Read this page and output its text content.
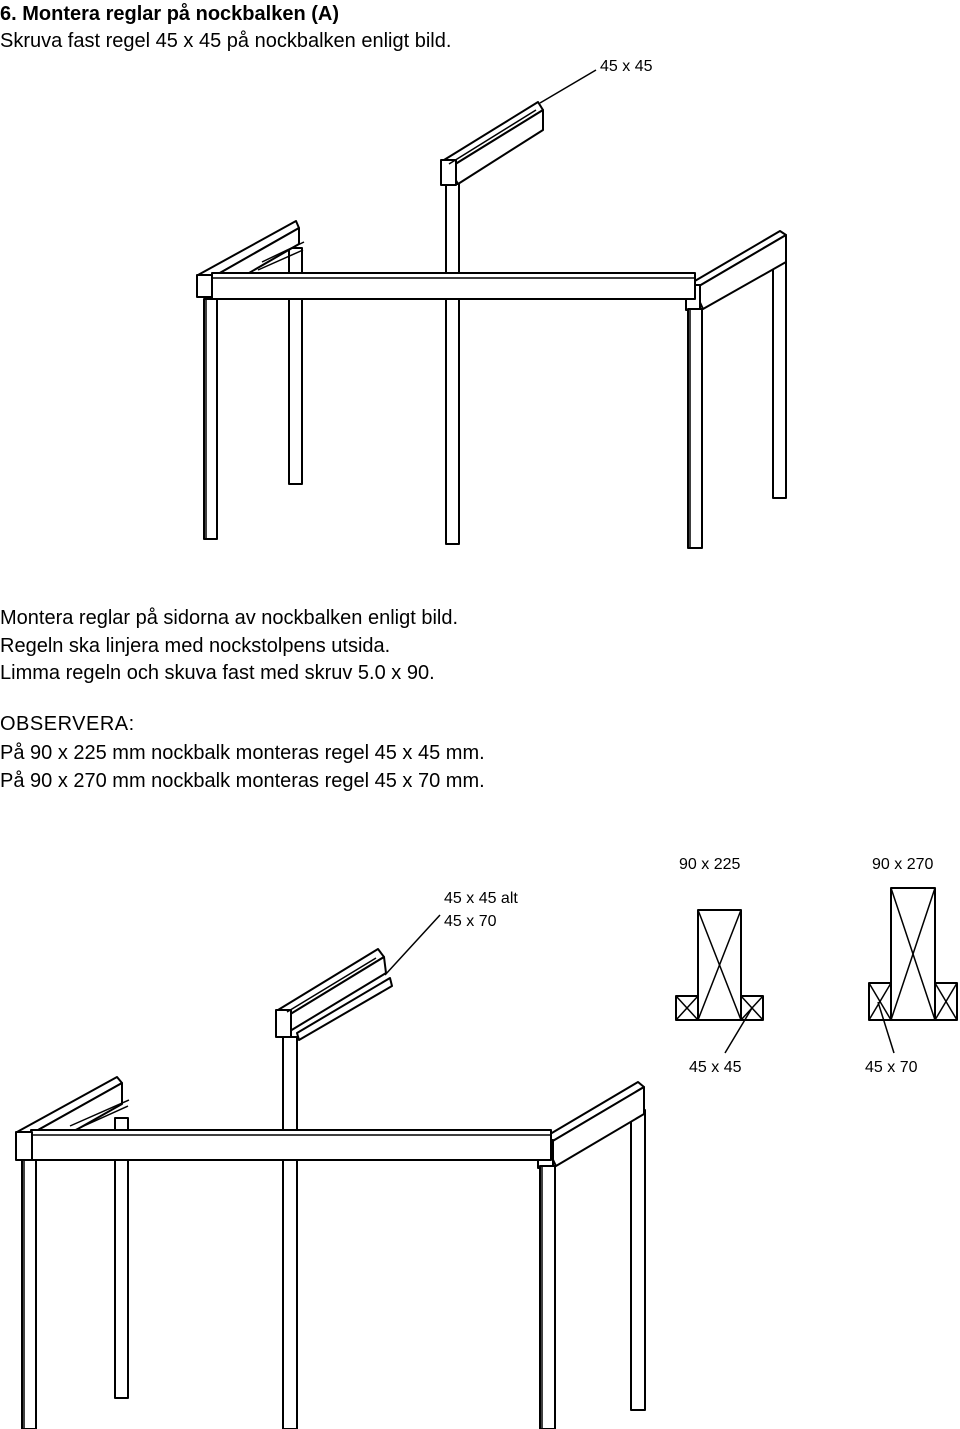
6. Montera reglar på nockbalken (A)
Skruva fast regel 45 x 45 på nockbalken enligt bild.
45 x 45
Montera reglar på sidorna av nockbalken enligt bild.
Regeln ska linjera med nockstolpens utsida.
Limma regeln och skuva fast med skruv 5.0 x 90.
OBSERVERA:
På 90 x 225 mm nockbalk monteras regel 45 x 45 mm.
På 90 x 270 mm nockbalk monteras regel 45 x 70 mm.
45 x 45 alt
45 x 70
90 x 225	90 x 270
45 x 45	45 x 70
